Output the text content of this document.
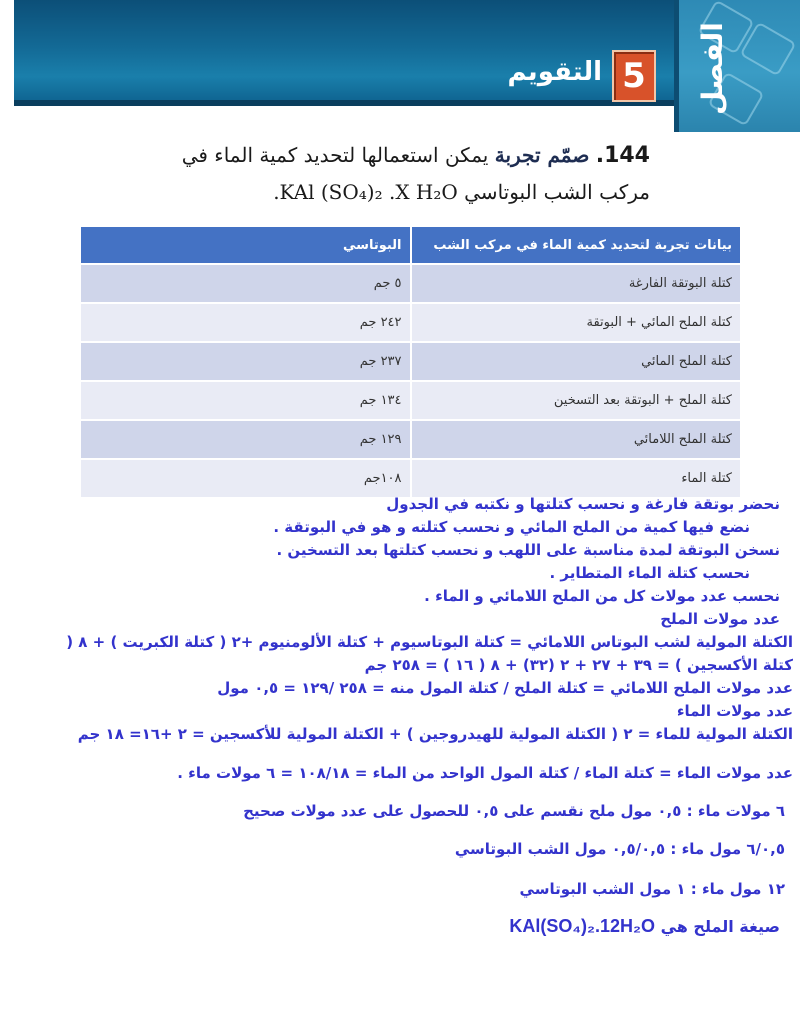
الفصل
5
التقويم
144. صمّم تجربة يمكن استعمالها لتحديد كمية الماء في
مركب الشب البوتاسي KAl (SO₄)₂ .X H₂O.
بيانات تجربة لتحديد كمية الماء في مركب الشب	البوتاسي
كتلة البوتقة الفارغة	٥ جم
كتلة الملح المائي + البوتقة	٢٤٢ جم
كتلة الملح المائي	٢٣٧ جم
كتلة الملح + البوتقة بعد التسخين	١٣٤ جم
كتلة الملح اللامائي	١٢٩ جم
كتلة الماء	١٠٨جم
نحضر بوتقة فارغة و نحسب كتلتها و نكتبه في الجدول
نضع فيها كمية من الملح المائي و نحسب كتلته و هو في البوتقة .
نسخن البوتقة لمدة مناسبة على اللهب و نحسب كتلتها بعد التسخين .
نحسب كتلة الماء المتطاير .
نحسب عدد مولات كل من الملح اللامائي و الماء .
عدد مولات الملح
الكتلة المولية لشب البوتاس اللامائي = كتلة البوتاسيوم + كتلة الألومنيوم +٢ ( كتلة الكبريت ) + ٨ (
كتلة الأكسجين ) = ٣٩ + ٢٧ + ٢ (٣٢) + ٨ ( ١٦ ) = ٢٥٨ جم
عدد مولات الملح اللامائي = كتلة الملح / كتلة المول منه = ٢٥٨ /١٢٩ = ٠,٥ مول
عدد مولات الماء
الكتلة المولية للماء = ٢ ( الكتلة المولية للهيدروجين ) + الكتلة المولية للأكسجين = ٢ +١٦= ١٨ جم
عدد مولات الماء = كتلة الماء / كتلة المول الواحد من الماء = ١٠٨/١٨ = ٦ مولات ماء .
٦ مولات ماء : ٠,٥ مول ملح نقسم على ٠,٥ للحصول على عدد مولات صحيح
٦/٠,٥ مول ماء : ٠,٥/٠,٥ مول الشب البوتاسي
١٢ مول ماء : ١ مول الشب البوتاسي
صيغة الملح هي KAl(SO₄)₂.12H₂O
